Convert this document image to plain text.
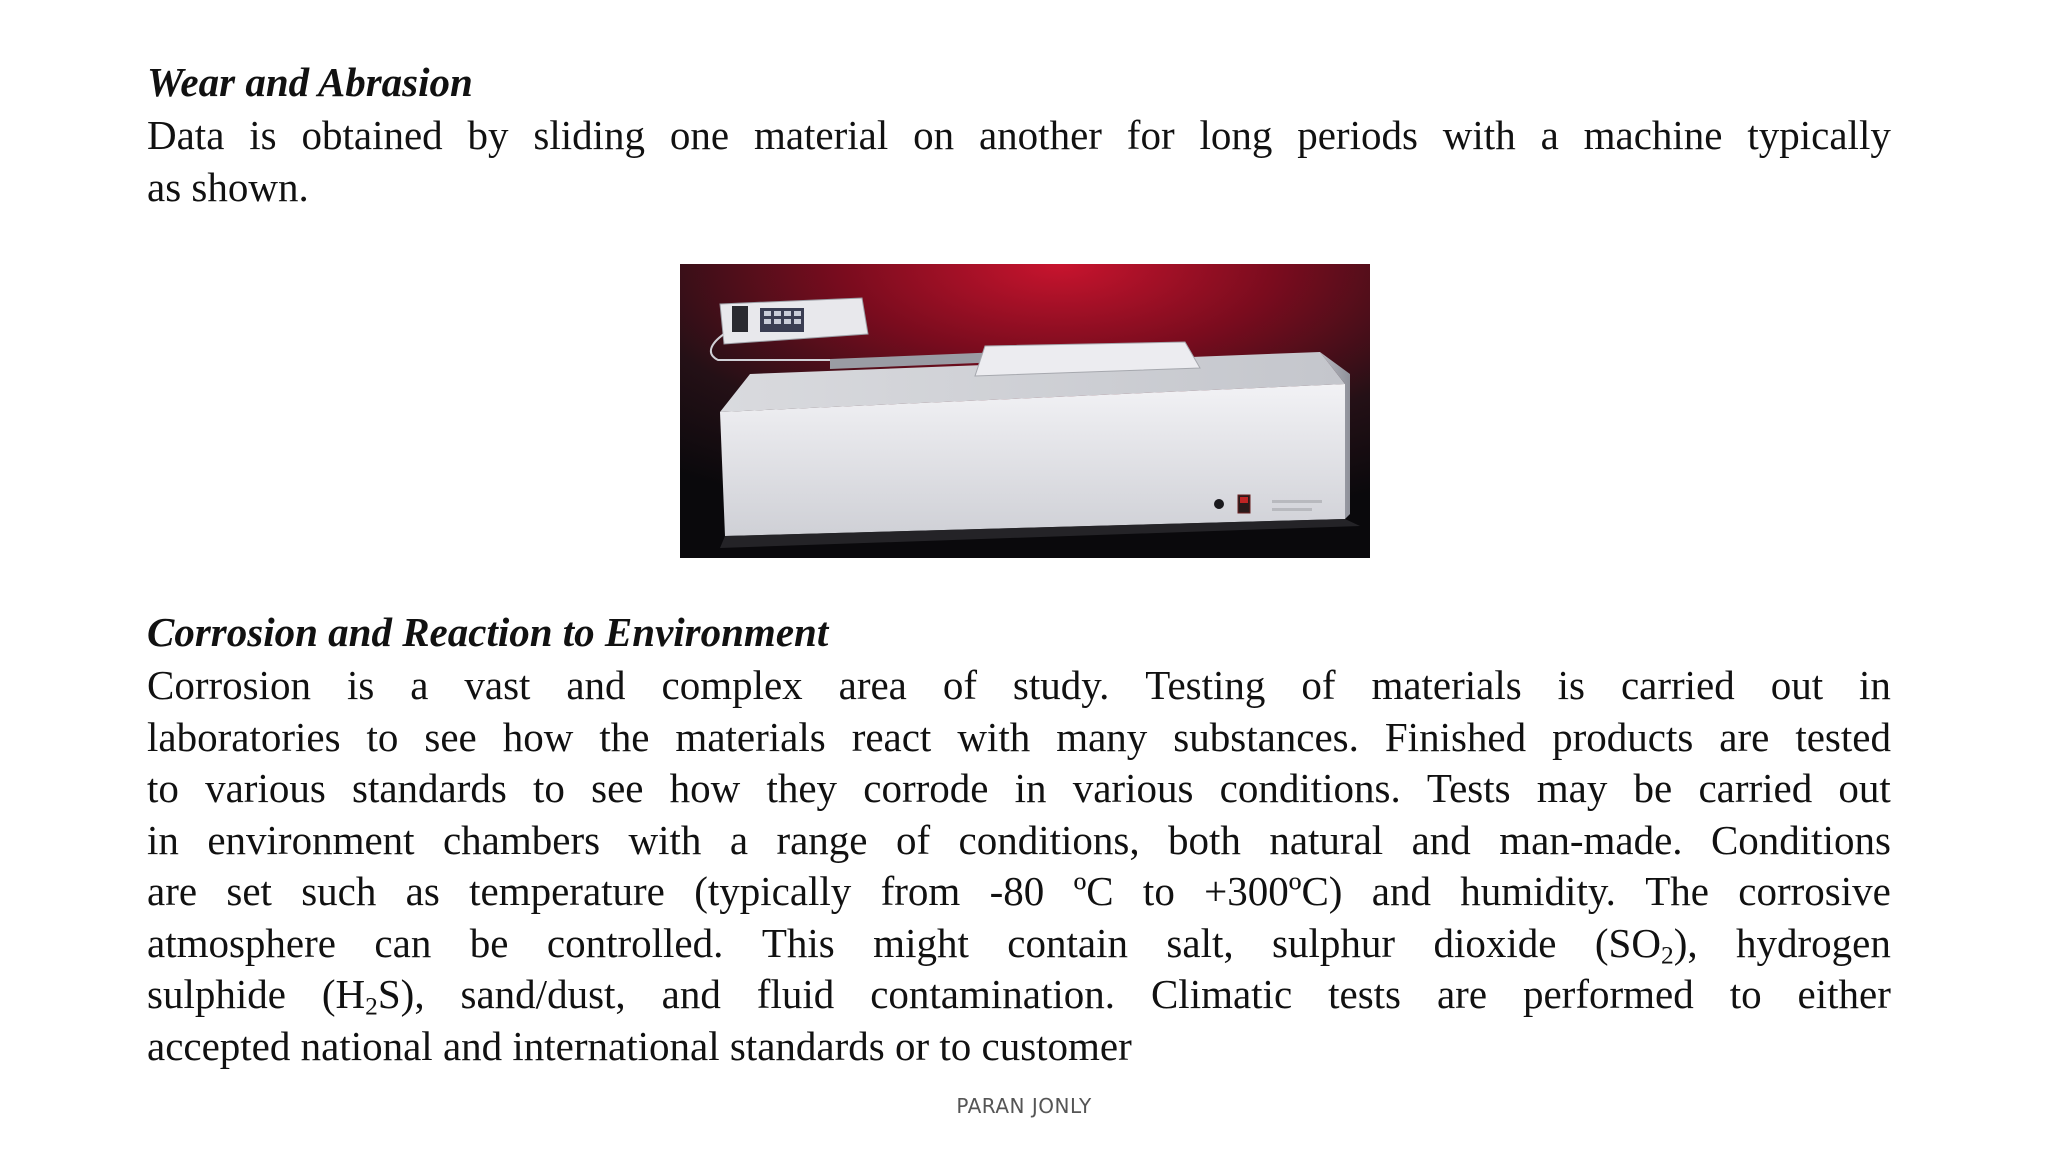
Wear and Abrasion
Data is obtained by sliding one material on another for long periods with a machine typically
as shown.
Corrosion and Reaction to Environment
Corrosion is a vast and complex area of study. Testing of materials is carried out in
laboratories to see how the materials react with many substances. Finished products are tested
to various standards to see how they corrode in various conditions. Tests may be carried out
in environment chambers with a range of conditions, both natural and man-made. Conditions
are set such as temperature (typically from -80 ºC to +300ºC) and humidity. The corrosive
atmosphere can be controlled. This might contain salt, sulphur dioxide $(SO_2)$, hydrogen
sulphide $(H_2S)$, sand/dust, and fluid contamination. Climatic tests are performed to either
accepted national and international standards or to customer
PARAN JONLY
